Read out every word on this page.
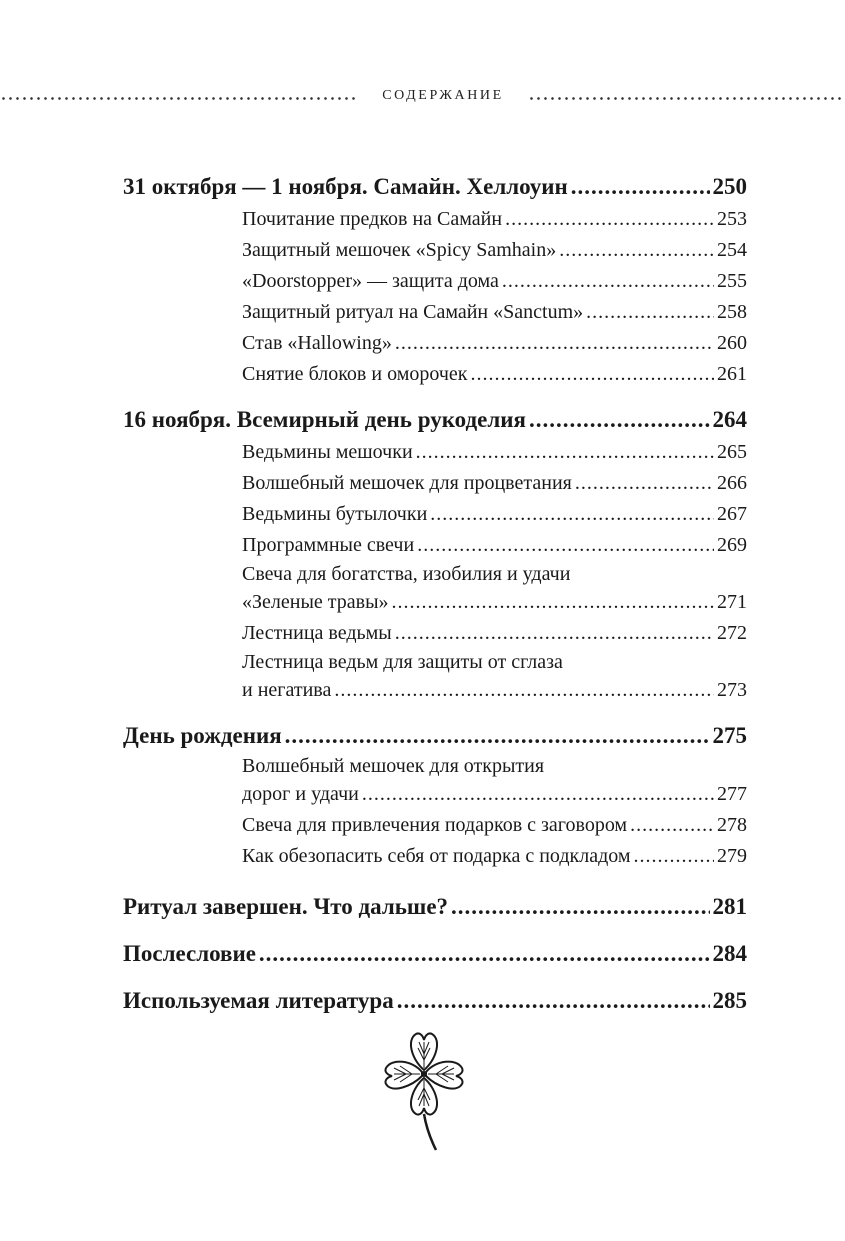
СОДЕРЖАНИЕ
31 октября — 1 ноября. Самайн. Хеллоуин .....	250
Почитание предков на Самайн .....	253
Защитный мешочек «Spicy Samhain» .....	254
«Doorstopper» — защита дома .....	255
Защитный ритуал на Самайн «Sanctum» .....	258
Став «Hallowing» .....	260
Снятие блоков и оморочек .....	261
16 ноября. Всемирный день рукоделия .....	264
Ведьмины мешочки .....	265
Волшебный мешочек для процветания .....	266
Ведьмины бутылочки .....	267
Программные свечи .....	269
Свеча для богатства, изобилия и удачи
«Зеленые травы» .....	271
Лестница ведьмы .....	272
Лестница ведьм для защиты от сглаза
и негатива .....	273
День рождения .....	275
Волшебный мешочек для открытия
дорог и удачи .....	277
Свеча для привлечения подарков с заговором .....	278
Как обезопасить себя от подарка с подкладом .....	279
Ритуал завершен. Что дальше? .....	281
Послесловие .....	284
Используемая литература .....	285
